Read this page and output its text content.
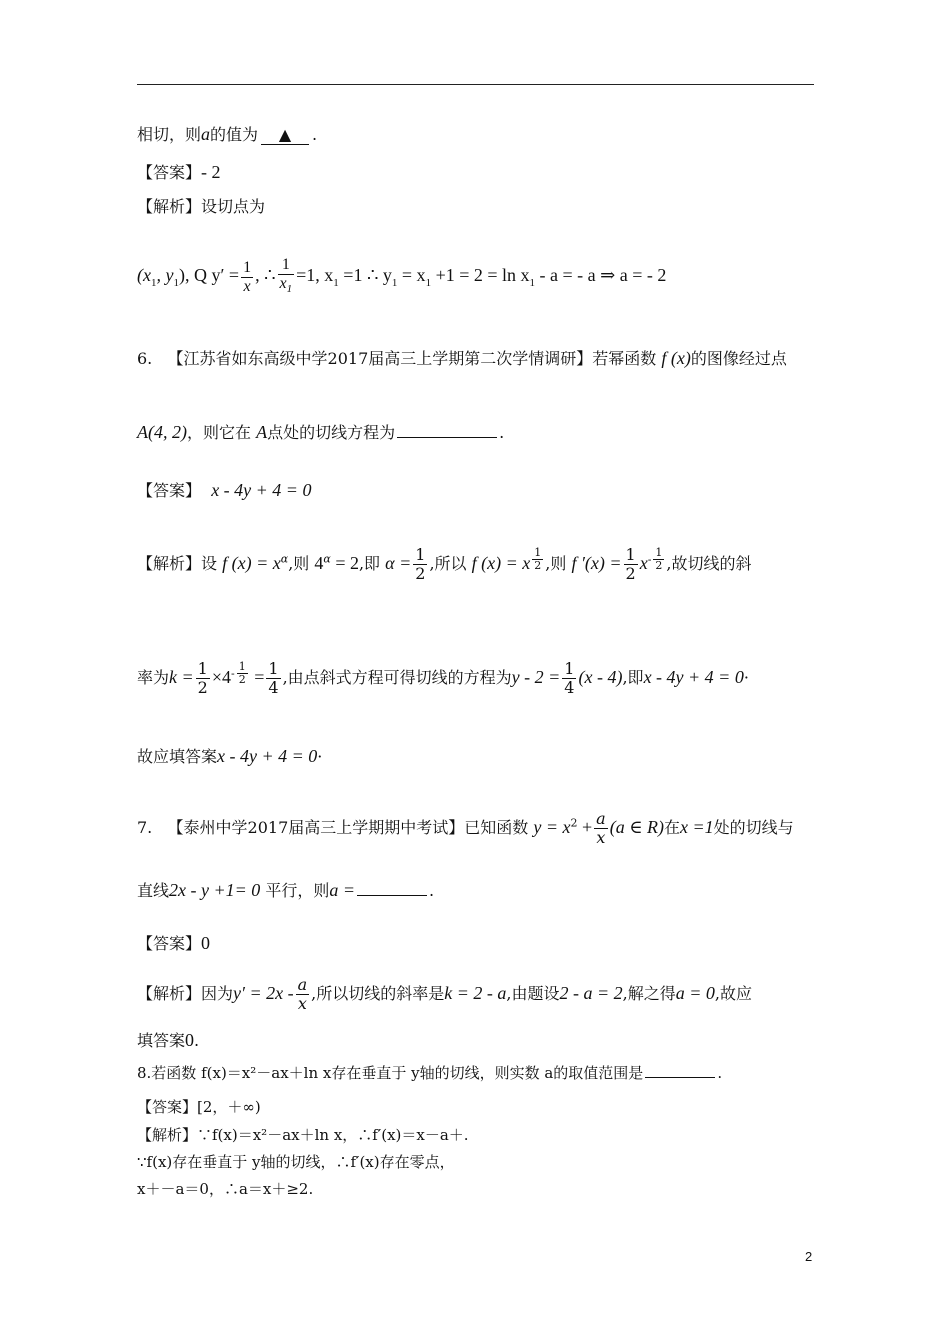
相切，则a的值为 ▲ .
【答案】- 2
【解析】设切点为
($x_1$, $y_1$), Q $y' = \frac{1}{x}$ , ∴ $\frac{1}{x_1} =1$, $x_1 =1$ ∴ $y_1 = x_1 +1 = 2 = \ln x_1 - a$ = - a ⇒ a = - 2
6. 【江苏省如东高级中学2017届高三上学期第二次学情调研】若幂函数 f (x)的图像经过点
A(4, 2)，则它在 A点处的切线方程为	.
【答案】 x - 4y + 4 = 0
【解析】设 f $(x) = x^\alpha$,则 $4^\alpha = 2$,即 $\alpha = \frac{1}{2}$ ,所以 f (x) = x $^{\frac{1}{2}}$ ,则 f $'(x) = \frac{1}{2} x^{- \frac{1}{2}}$ ,故切线的斜
率为$k = \frac{1}{2} \times 4^{- \frac{1}{2}} = \frac{1}{4}$ ,由点斜式方程可得切线的方程为$y - 2 = \frac{1}{4} (x - 4)$,即x - 4y + 4 = 0·
故应填答案x - 4y + 4 = 0·
7. 【泰州中学2017届高三上学期期中考试】已知函数 $y = x^2 + \frac{a}{x} (a$ ∈ R)在x =1处的切线与
直线2x - y +1= 0 平行，则a =	.
【答案】0
【解析】因为$y' = 2x - \frac{a}{x}$ ,所以切线的斜率是k = 2 - a,由题设2 - a = 2,解之得a = 0,故应
填答案0.
8.若函数 f(x)＝x²－ax＋ln x存在垂直于 y轴的切线，则实数 a的取值范围是	.
【答案】[2，＋∞)
【解析】∵f(x)＝x²－ax＋ln x，∴f′(x)＝x－a＋.
∵f(x)存在垂直于 y轴的切线，∴f′(x)存在零点，
x＋－a＝0，∴a＝x＋≥2.
2
